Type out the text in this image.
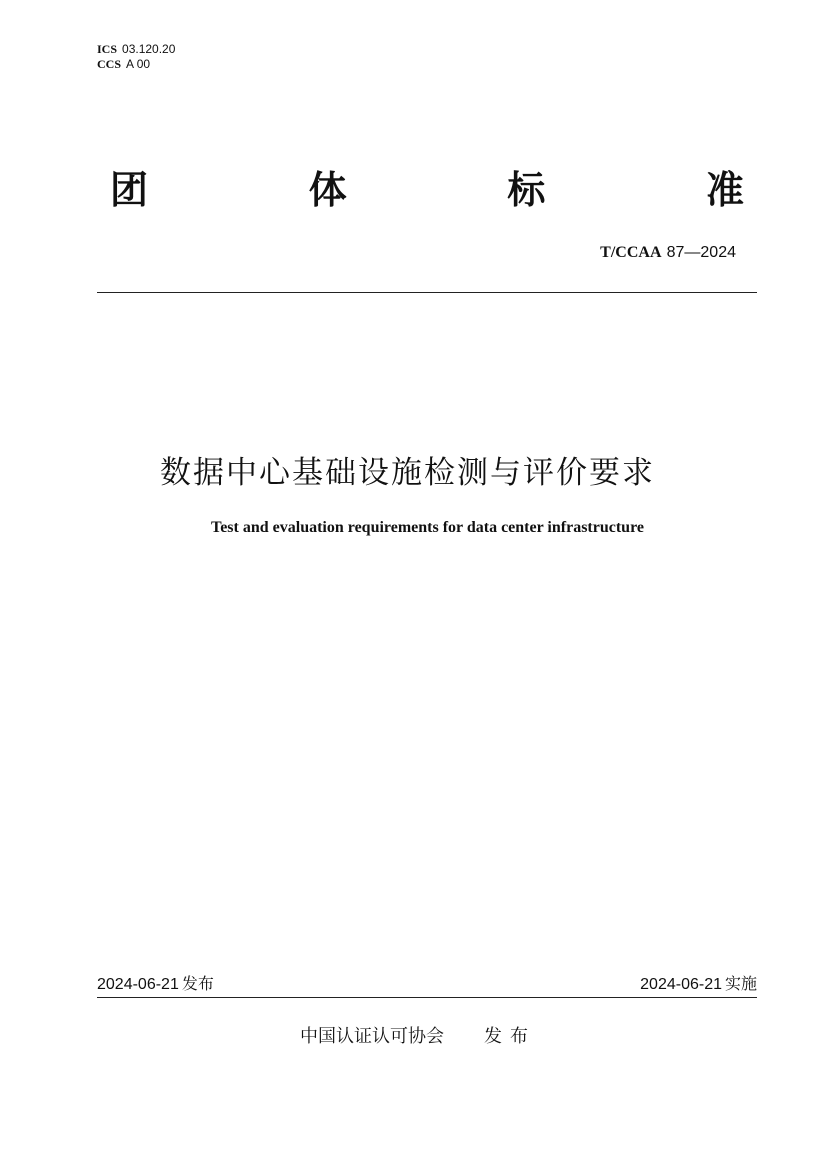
ICS 03.120.20
CCS A 00
团	体	标	准
T/CCAA 87—2024
数据中心基础设施检测与评价要求
Test and evaluation requirements for data center infrastructure
2024-06-21 发布	2024-06-21 实施
中国认证认可协会 发布
